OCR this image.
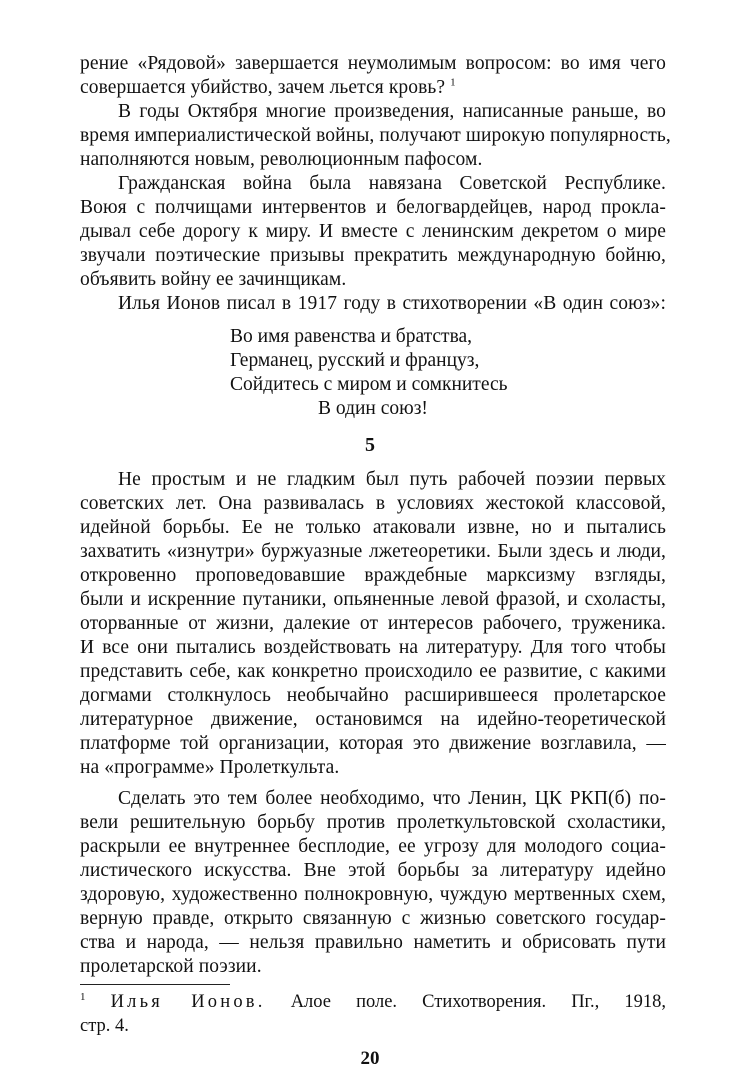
рение «Рядовой» завершается неумолимым вопросом: во имя чего
совершается убийство, зачем льется кровь? $^1$
В годы Октября многие произведения, написанные раньше, во
время империалистической войны, получают широкую популярность,
наполняются новым, революционным пафосом.
Гражданская война была навязана Советской Республике.
Воюя с полчищами интервентов и белогвардейцев, народ прокла-
дывал себе дорогу к миру. И вместе с ленинским декретом о мире
звучали поэтические призывы прекратить международную бойню,
объявить войну ее зачинщикам.
Илья Ионов писал в 1917 году в стихотворении «В один союз»:
Во имя равенства и братства,
Германец, русский и француз,
Сойдитесь с миром и сомкнитесь
В один союз!
5
Не простым и не гладким был путь рабочей поэзии первых
советских лет. Она развивалась в условиях жестокой классовой,
идейной борьбы. Ее не только атаковали извне, но и пытались
захватить «изнутри» буржуазные лжетеоретики. Были здесь и люди,
откровенно проповедовавшие враждебные марксизму взгляды,
были и искренние путаники, опьяненные левой фразой, и схоласты,
оторванные от жизни, далекие от интересов рабочего, труженика.
И все они пытались воздействовать на литературу. Для того чтобы
представить себе, как конкретно происходило ее развитие, с какими
догмами столкнулось необычайно расширившееся пролетарское
литературное движение, остановимся на идейно-теоретической
платформе той организации, которая это движение возглавила, —
на «программе» Пролеткульта.
Сделать это тем более необходимо, что Ленин, ЦК РКП(б) по-
вели решительную борьбу против пролеткультовской схоластики,
раскрыли ее внутреннее бесплодие, ее угрозу для молодого социа-
листического искусства. Вне этой борьбы за литературу идейно
здоровую, художественно полнокровную, чуждую мертвенных схем,
верную правде, открыто связанную с жизнью советского государ-
ства и народа, — нельзя правильно наметить и обрисовать пути
пролетарской поэзии.
$^1$ Илья Ионов. Алое поле. Стихотворения. Пг., 1918,
стр. 4.
20
